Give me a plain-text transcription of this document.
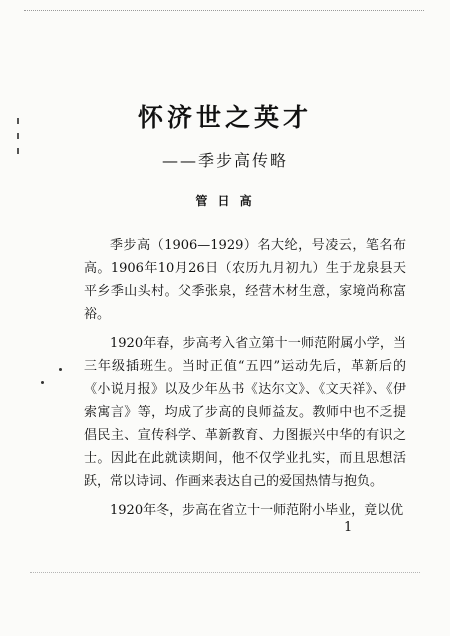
怀济世之英才
——季步高传略
管 日 高

季步高（1906—1929）名大纶，号凌云，笔名布高。1906年10月26日（农历九月初九）生于龙泉县天平乡季山头村。父季张泉，经营木材生意，家境尚称富裕。

1920年春，步高考入省立第十一师范附属小学，当三年级插班生。当时正值“五四”运动先后，革新后的《小说月报》以及少年丛书《达尔文》、《文天祥》、《伊索寓言》等，均成了步高的良师益友。教师中也不乏提倡民主、宣传科学、革新教育、力图振兴中华的有识之士。因此在此就读期间，他不仅学业扎实，而且思想活跃，常以诗词、作画来表达自己的爱国热情与抱负。

1920年冬，步高在省立十一师范附小毕业，竟以优

1
